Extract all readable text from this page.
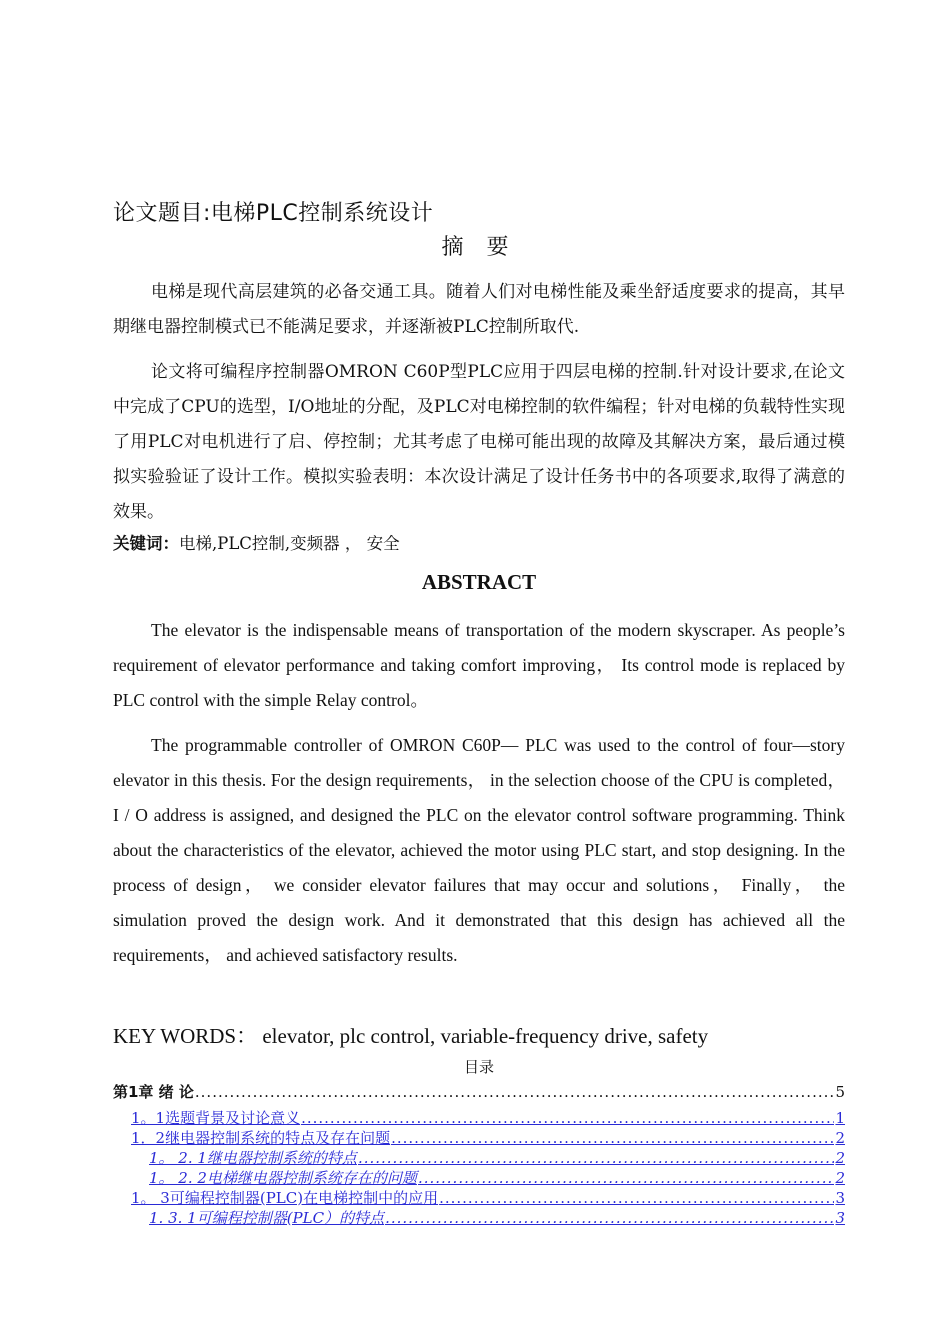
论文题目:电梯PLC控制系统设计
摘 要

电梯是现代高层建筑的必备交通工具。随着人们对电梯性能及乘坐舒适度要求的提高，其早期继电器控制模式已不能满足要求，并逐渐被PLC控制所取代.

论文将可编程序控制器OMRON C60P型PLC应用于四层电梯的控制.针对设计要求,在论文中完成了CPU的选型，I/O地址的分配，及PLC对电梯控制的软件编程；针对电梯的负载特性实现了用PLC对电机进行了启、停控制；尤其考虑了电梯可能出现的故障及其解决方案，最后通过模拟实验验证了设计工作。模拟实验表明：本次设计满足了设计任务书中的各项要求,取得了满意的效果。

关键词：电梯,PLC控制,变频器 ， 安全
ABSTRACT

The elevator is the indispensable means of transportation of the modern skyscraper. As people’s requirement of elevator performance and taking comfort improving， Its control mode is replaced by PLC control with the simple Relay control。

The programmable controller of OMRON C60P— PLC was used to the control of four—story elevator in this thesis. For the design requirements， in the selection choose of the CPU is completed， I / O address is assigned, and designed the PLC on the elevator control software programming. Think about the characteristics of the elevator, achieved the motor using PLC start, and stop designing. In the process of design， we consider elevator failures that may occur and solutions， Finally， the simulation proved the design work. And it demonstrated that this design has achieved all the requirements， and achieved satisfactory results.

KEY WORDS： elevator, plc control, variable-frequency drive, safety
目录
第1章 绪 论 .....	5
1。1选题背景及讨论意义 .....	1
1．2继电器控制系统的特点及存在问题 .....	2
1。 2. 1继电器控制系统的特点 .....	2
1。 2. 2电梯继电器控制系统存在的问题 .....	2
1。 3可编程控制器(PLC)在电梯控制中的应用 .....	3
1. 3. 1可编程控制器(PLC）的特点 .....	3
